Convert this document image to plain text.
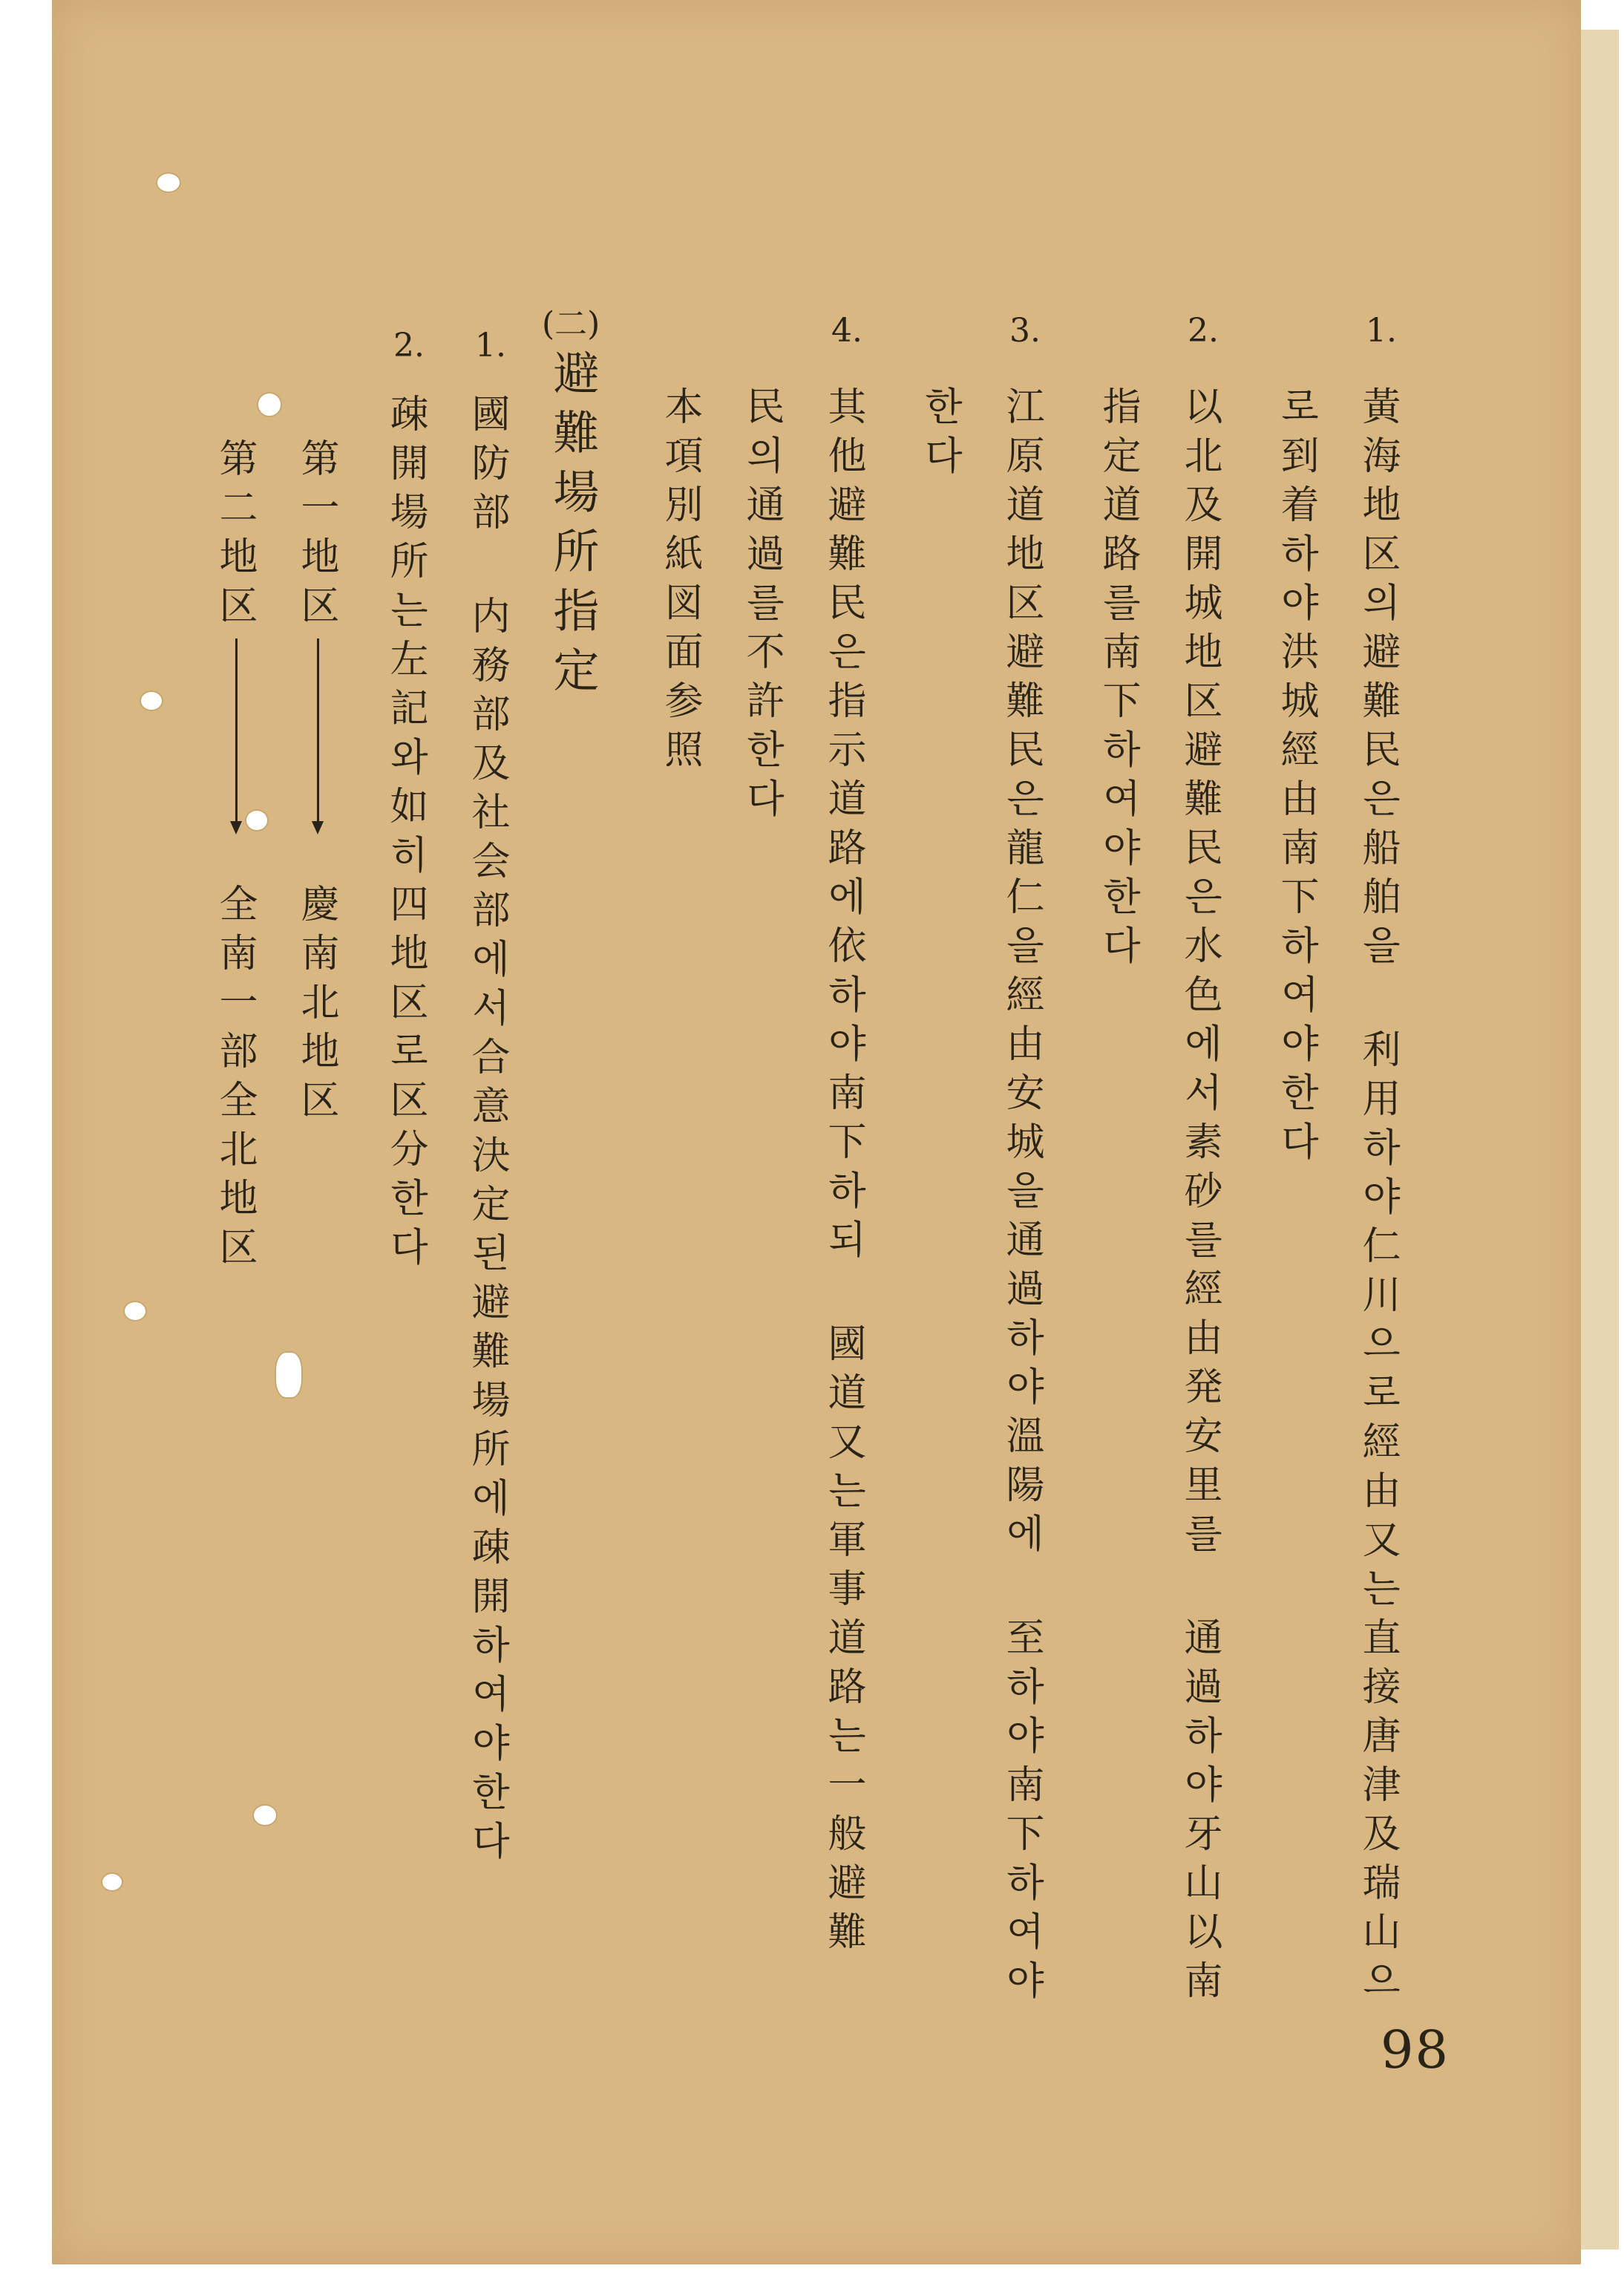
1.
黃海地区의避難民은船舶을 利用하야仁川으로經由又는直接唐津及瑞山으
로到着하야洪城經由南下하여야한다
2.
以北及開城地区避難民은水色에서素砂를經由発安里를 通過하야牙山以南
指定道路를南下하여야한다
3.
江原道地区避難民은龍仁을經由安城을通過하야溫陽에 至하야南下하여야
한다
4.
其他避難民은指示道路에依하야南下하되 國道又는軍事道路는一般避難
民의通過를不許한다
本項別紙図面参照
(二)
避難場所指定
1.
國防部 内務部及社会部에서合意決定된避難場所에疎開하여야한다
2.
疎開場所는左記와如히四地区로区分한다
第一地区
慶南北地区
第二地区
全南一部全北地区
98
